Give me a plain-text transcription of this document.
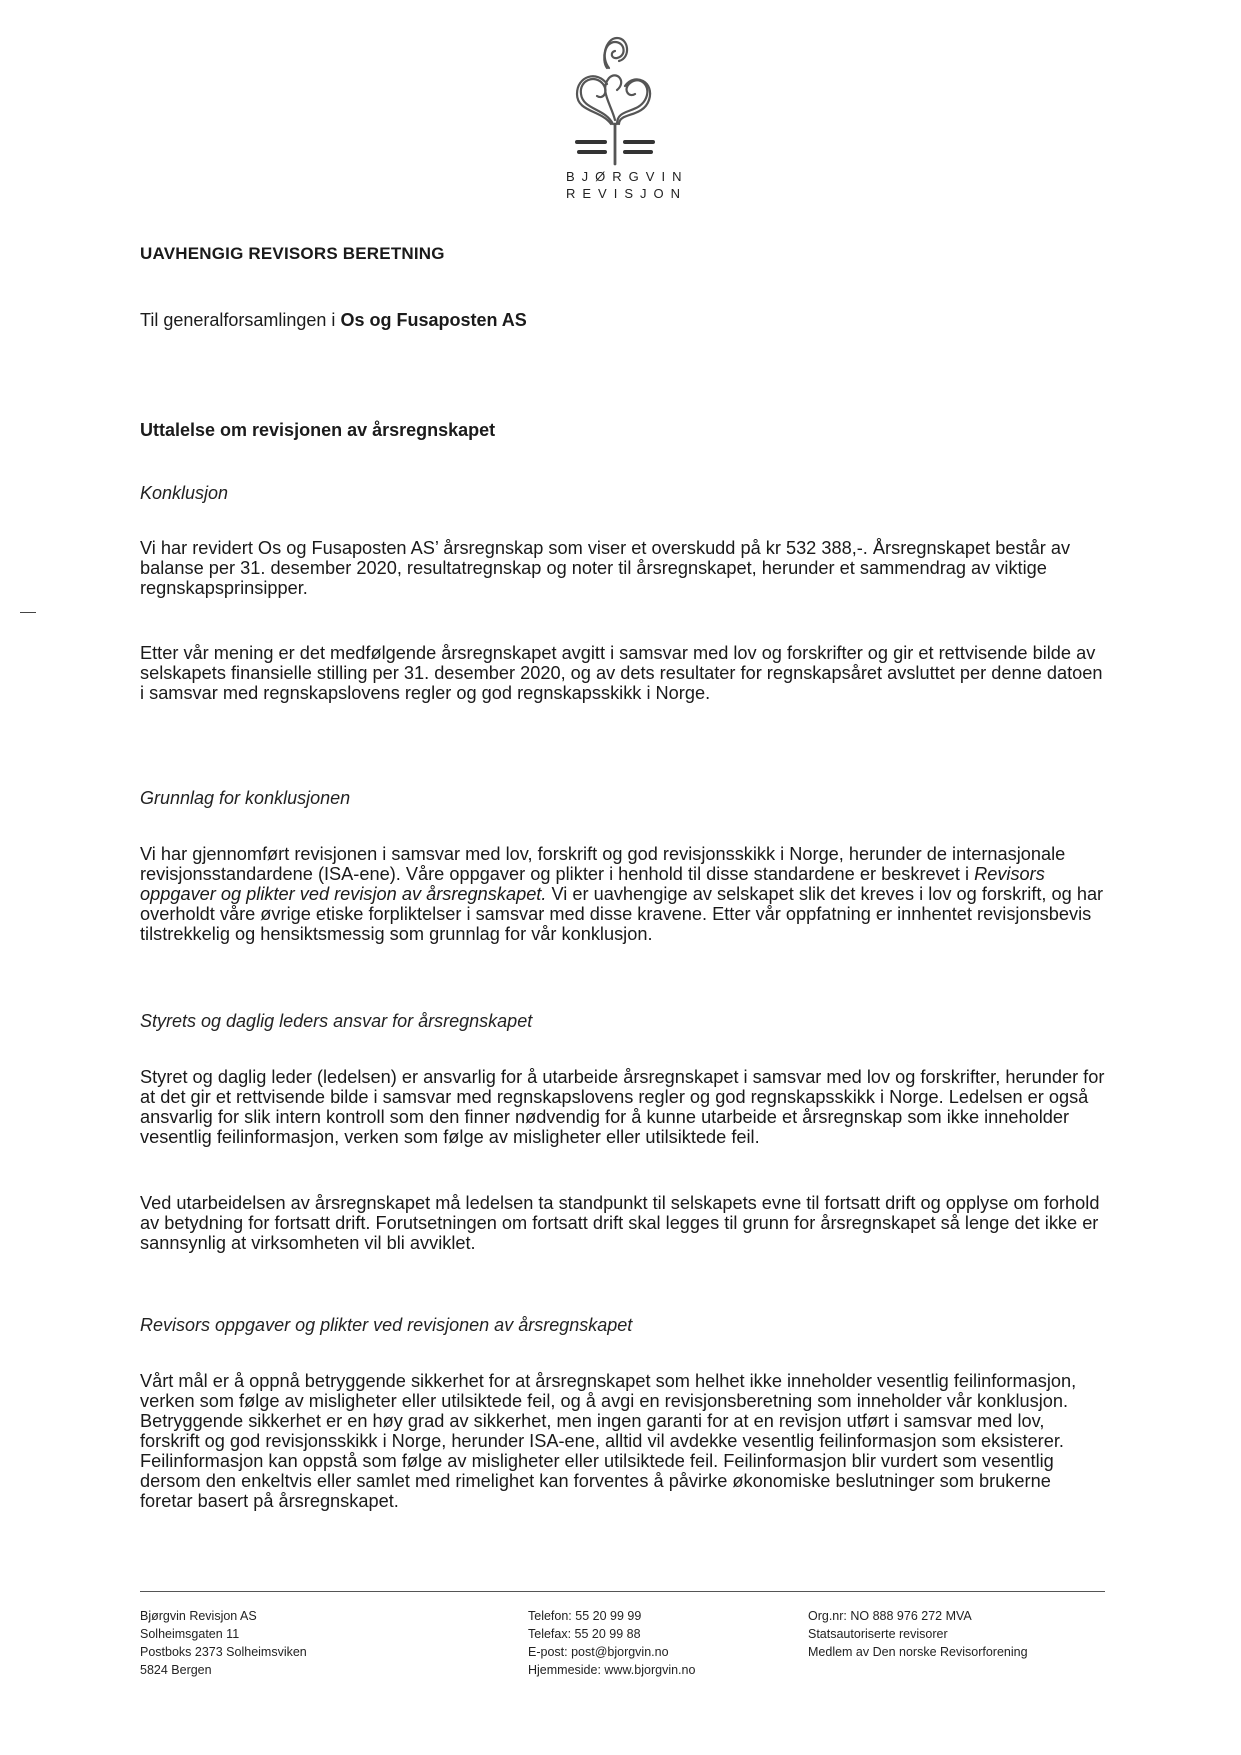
BJØRGVIN
REVISJON
UAVHENGIG REVISORS BERETNING
Til generalforsamlingen i Os og Fusaposten AS
Uttalelse om revisjonen av årsregnskapet
Konklusjon
Vi har revidert Os og Fusaposten AS’ årsregnskap som viser et overskudd på kr 532 388,-. Årsregnskapet består av balanse per 31. desember 2020, resultatregnskap og noter til årsregnskapet, herunder et sammendrag av viktige regnskapsprinsipper.
Etter vår mening er det medfølgende årsregnskapet avgitt i samsvar med lov og forskrifter og gir et rettvisende bilde av selskapets finansielle stilling per 31. desember 2020, og av dets resultater for regnskapsåret avsluttet per denne datoen i samsvar med regnskapslovens regler og god regnskapsskikk i Norge.
Grunnlag for konklusjonen
Vi har gjennomført revisjonen i samsvar med lov, forskrift og god revisjonsskikk i Norge, herunder de internasjonale revisjonsstandardene (ISA-ene). Våre oppgaver og plikter i henhold til disse standardene er beskrevet i Revisors oppgaver og plikter ved revisjon av årsregnskapet. Vi er uavhengige av selskapet slik det kreves i lov og forskrift, og har overholdt våre øvrige etiske forpliktelser i samsvar med disse kravene. Etter vår oppfatning er innhentet revisjonsbevis tilstrekkelig og hensiktsmessig som grunnlag for vår konklusjon.
Styrets og daglig leders ansvar for årsregnskapet
Styret og daglig leder (ledelsen) er ansvarlig for å utarbeide årsregnskapet i samsvar med lov og forskrifter, herunder for at det gir et rettvisende bilde i samsvar med regnskapslovens regler og god regnskapsskikk i Norge. Ledelsen er også ansvarlig for slik intern kontroll som den finner nødvendig for å kunne utarbeide et årsregnskap som ikke inneholder vesentlig feilinformasjon, verken som følge av misligheter eller utilsiktede feil.
Ved utarbeidelsen av årsregnskapet må ledelsen ta standpunkt til selskapets evne til fortsatt drift og opplyse om forhold av betydning for fortsatt drift. Forutsetningen om fortsatt drift skal legges til grunn for årsregnskapet så lenge det ikke er sannsynlig at virksomheten vil bli avviklet.
Revisors oppgaver og plikter ved revisjonen av årsregnskapet
Vårt mål er å oppnå betryggende sikkerhet for at årsregnskapet som helhet ikke inneholder vesentlig feilinformasjon, verken som følge av misligheter eller utilsiktede feil, og å avgi en revisjonsberetning som inneholder vår konklusjon. Betryggende sikkerhet er en høy grad av sikkerhet, men ingen garanti for at en revisjon utført i samsvar med lov, forskrift og god revisjonsskikk i Norge, herunder ISA-ene, alltid vil avdekke vesentlig feilinformasjon som eksisterer. Feilinformasjon kan oppstå som følge av misligheter eller utilsiktede feil. Feilinformasjon blir vurdert som vesentlig dersom den enkeltvis eller samlet med rimelighet kan forventes å påvirke økonomiske beslutninger som brukerne foretar basert på årsregnskapet.
Bjørgvin Revisjon AS
Solheimsgaten 11
Postboks 2373 Solheimsviken
5824 Bergen
Telefon: 55 20 99 99
Telefax: 55 20 99 88
E-post: post@bjorgvin.no
Hjemmeside: www.bjorgvin.no
Org.nr: NO 888 976 272 MVA
Statsautoriserte revisorer
Medlem av Den norske Revisorforening
